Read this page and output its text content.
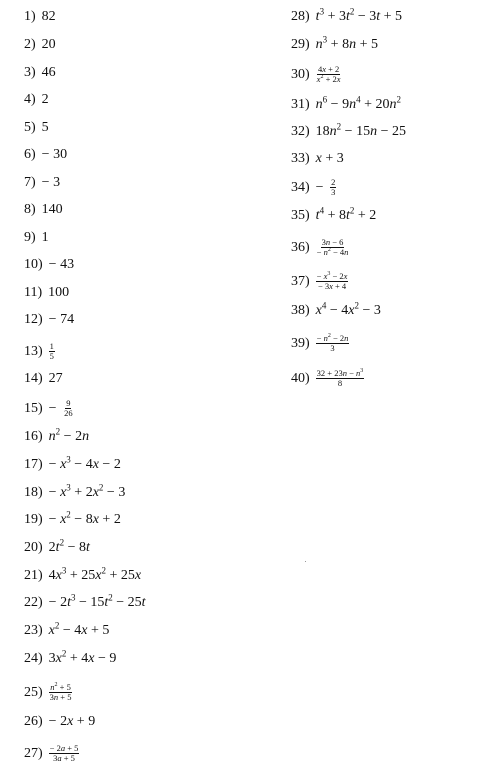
1) 82
2) 20
3) 46
4) 2
5) 5
6) − 30
7) − 3
8) 140
9) 1
10) − 43
11) 100
12) − 74
$13) \frac{1}{5}$
14) 27
$15) - \frac{9}{26}$
16) $n^2 - 2n$
$17) - x^3 - 4x - 2$
$18) - x^3 + 2x^2 - 3$
$19) - x^2 - 8x + 2$
20) $2t^2 - 8t$
21) $4x^3 + 25x^2 + 25x$
$22) - 2t^3 - 15t^2 - 25t$
23) $x^2 - 4x + 5$
24) $3x^2 + 4x - 9$
$25) \frac{n^2 + 5}{3n + 5}$
26) − 2x + 9
$27) \frac{- 2a + 5}{3a + 5}$
28) $t^3 + 3t^2 - 3t + 5$
29) $n^3 + 8n + 5$
$30) \frac{4x + 2}{x^2 + 2x}$
31) $n^6 - 9n^4 + 20n^2$
32) $18n^2 - 15n - 25$
33) x + 3
$34) - \frac{2}{3}$
35) $t^4 + 8t^2 + 2$
$36) \frac{3n - 6}{- n^2 - 4n}$
$37) \frac{- x^3 - 2x}{- 3x + 4}$
38) $x^4 - 4x^2 - 3$
$39) \frac{- n^2 - 2n}{3}$
$40) \frac{32 + 23n - n^3}{8}$
